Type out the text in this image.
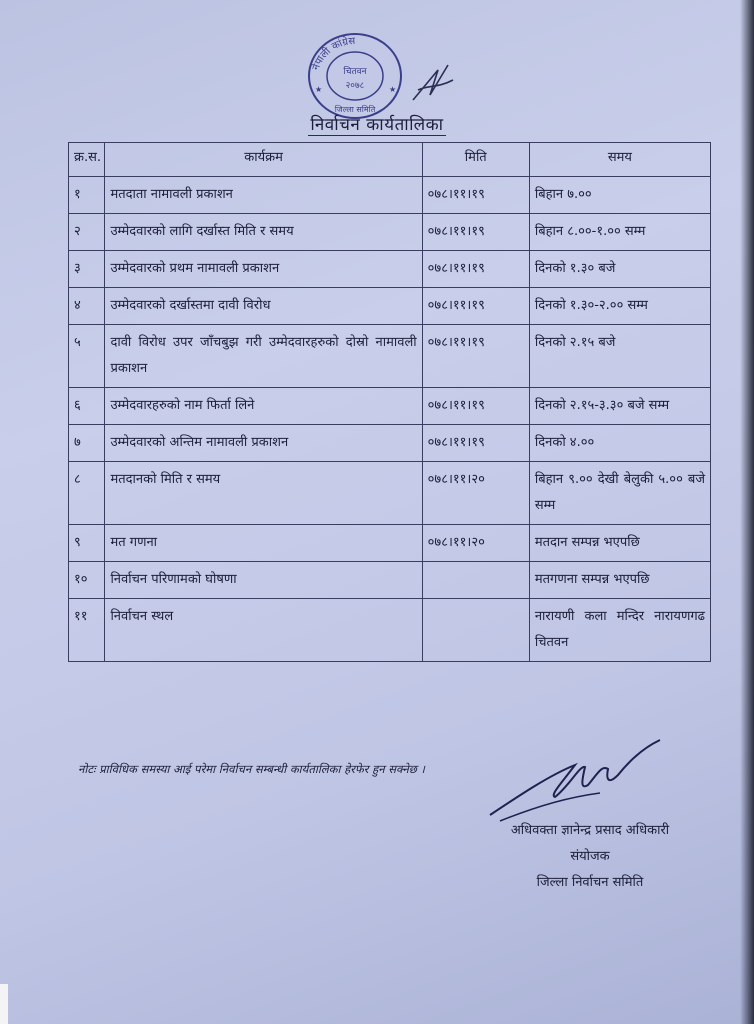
नेपाली कांग्रेस
चितवन
२०७८
जिल्ला समिति
★	★
निर्वाचन कार्यतालिका
क्र.स.	कार्यक्रम	मिति	समय
१	मतदाता नामावली प्रकाशन	०७८।११।१९	बिहान ७.००
२	उम्मेदवारको लागि दर्खास्त मिति र समय	०७८।११।१९	बिहान ८.००-१.०० सम्म
३	उम्मेदवारको प्रथम नामावली प्रकाशन	०७८।११।१९	दिनको १.३० बजे
४	उम्मेदवारको दर्खास्तमा दावी विरोध	०७८।११।१९	दिनको १.३०-२.०० सम्म
५	दावी विरोध उपर जाँचबुझ गरी उम्मेदवारहरुको दोस्रो नामावली प्रकाशन	०७८।११।१९	दिनको २.१५ बजे
६	उम्मेदवारहरुको नाम फिर्ता लिने	०७८।११।१९	दिनको २.१५-३.३० बजे सम्म
७	उम्मेदवारको अन्तिम नामावली प्रकाशन	०७८।११।१९	दिनको ४.००
८	मतदानको मिति र समय	०७८।११।२०	बिहान ९.०० देखी बेलुकी ५.०० बजे सम्म
९	मत गणना	०७८।११।२०	मतदान सम्पन्न भएपछि
१०	निर्वाचन परिणामको घोषणा		मतगणना सम्पन्न भएपछि
११	निर्वाचन स्थल		नारायणी कला मन्दिर नारायणगढ चितवन
नोटः प्राविधिक समस्या आई परेमा निर्वाचन सम्बन्धी कार्यतालिका हेरफेर हुन सक्नेछ ।
अधिवक्ता ज्ञानेन्द्र प्रसाद अधिकारी
संयोजक
जिल्ला निर्वाचन समिति
